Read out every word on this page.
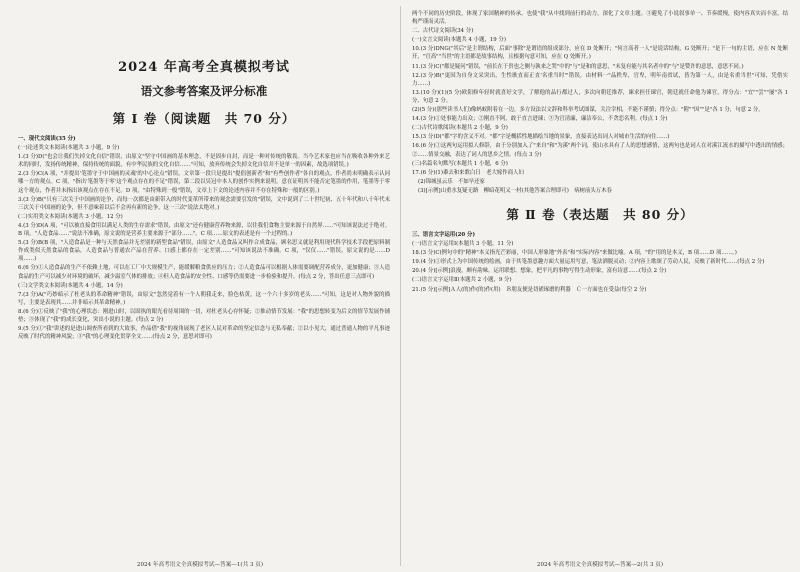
2024 年高考全真模拟考试
语文参考答案及评分标准
第 Ⅰ 卷（阅读题　共 70 分）

一、现代文阅读(35 分)

(一)论述类文本阅读(本题共 3 小题，9 分)

1.(3 分)D("也会让我们失掉文化自信"错误，由原文"坚守中国画的基本理念，不是固步自封，而是一种对传统的敬畏。当今艺术家也应当在吸收各种外来艺术的同时，发扬传统精神，保持传统的面貌，有中华民族的文化自信……"可知，放弃传统会失掉文化自信并不是单一的因素，故选项错误。)

2.(3 分)C(A 项，"并提出'笔墨守于中国画的灵魂'的中心论点"错误，文章第一段只是提出"提倡创新者"和"有些创作者"各自的观点，作者尚未明确表示认同哪一方的观点。C 项，"指出'笔墨等于零'这个观点存在的不足"错误，第二段以吴冠中本人的创作实例来说明，意在证明其不能否定笔墨的作用，笔墨等于零这个观点，作者并未指出该观点在存在不足。D 项，"由特殊到一般"错误，文章上下文的论述内容并不存在特殊和一般的区别。)

3.(3 分)B("只有三次关于中国画的论争，而每一次都是由新带入的时代变革所带来的观念需要引发的"错误，文中说到了二十世纪初、五十年代和八十年代末三次关于中国画的论争，但不意味着以后不会再有新的论争，这一三次"说法太绝对。)

(二)实用类文本阅读(本题共 3 小题，12 分)

4.(3 分)D(A 项，"可以被直接食用以满足人类的生存需求"错误，由原文"还有健康营养物来源，以往我们食物主要来源于自然界……"可知该说法过于绝对。B 项，"人造食品……"说法不准确，原文说的是营养主要来源于"部分……"。C 项……原文的表述是有一个过程的。)

5.(3 分)B(B 项，"人造食品是一种与天然食品并无差别的新型食品"错误，由原文"人造食品又叫作合成食品，顾名思义就是利用现代科学技术手段把原料制作成类似天然食品的食品，人造食品与普通农产品在营养、口感上都存在一定差别……"可知该说法不准确。C 项，"仅仅……"错误，原文说的是……D 项……)

6.(6 分)①人造食品的生产不依赖土地，可以在工厂中大规模生产，能缓解粮食供应的压力；②人造食品可以根据人体需要调配营养成分，更加健康；③人造食品的生产可以减少对环境的破坏，减少温室气体的排放；④但人造食品的安全性、口感等仍需要进一步检验和提升。(每点 2 分，答出任意三点即可)

(三)文学类文本阅读(本题共 4 小题，14 分)

7.(3 分)A("巧妙暗示了杜老头的革命精神"错误，由原文"忽然觉着有一个人朝我走来，脸色枯黄，这一个六十多岁的老头……"可知，这是对人物外貌的描写，主要是表现其……并非暗示其革命精神。)

8.(6 分)①反映了"我"的心理状态：刚进山时，以固执的眼光看待周围的一切，对杜老头心存怀疑；②推动情节发展："我"的思想转变为后文的情节发展作铺垫；③体现了"我"的成长变化，突出小说的主题。(每点 2 分)

9.(5 分)①"我"讲述的是进山调查所看到的大故事，作品借"我"的视角展现了老区人民对革命的坚定信念与无私奉献；②以小见大，通过普通人物的平凡事迹反映了时代的精神风貌；③"我"的心理变化贯穿全文……(每点 2 分，意思对即可)

2024 年高考语文全真模拟考试—答案—1(共 3 页)

两个不同的历史阶段，体现了家国精神的传承，也使"我"从中找到前行的动力，深化了文章主题。③避免了小说叙事单一、节奏缓慢，使内容真实而丰富，结构严谨而灵活。

二、古代诗文阅读(34 分)

(一)文言文阅读(本题共 4 小题，19 分)

10.(3 分)DNG("其后"是主谓结构，后面"事除"是谓语的组成部分，应在 D 处断开；"何言高者一人"是说话结构，G 处断开；"是下一句的主语，应在 N 处断开，"官高""当世"的主语都是故事结构，且根据句意可知，应在 Q 处断开。)

11.(3 分)C("都是疑问"错误，"前长在于贵也之侧与孰来之哭"中的"与"是和的意思，"未复有能与其名者中的"与"是赞许的意思，意思不同。)

12.(3 分)B("更因为自身文采突出，生性耿直而正直'名重当时'"错误，由材料一"品秩卑，官卑，明年南省试，皆为第一人，由是名重当世"可知，凭借实力……)

13.(10 分)(1)(5 分)欧阳修年轻时就喜好文学，了解他的品行都过人，多次向朝廷推荐，谏求担任谏官，朝廷就任命他为谏官，得分点："宜""尝""屡"各 1 分，句意 2 分。

(2)(5 分)(那些读书人们)像蚂蚁附着在一边，多方设法以文辞和科举考试图谋，关注宰相，不能不谨慎；得分点："附""因""是"各 1 分，句意 2 分。

14.(3 分)①处事能力出众；②刚直不阿，敢于直言进谏；③为官清廉，廉洁奉公，不贪恋名利。(每点 1 分)

(二)古代诗歌阅读(本题共 2 小题，9 分)

15.(3 分)D("都"字的含义不对。"都"字是概括性地描绘当地的景象，直接表达出词人对城市生活的向往……)

16.(6 分)①这两句运用拟人修辞，由于分别加入了"来自"和"为溪"两个词，使山水具有了人的思想感情，这两句也是词人在对溪江流水的描写中透出的情感；②……情景交融，表达了词人的思乡之情。(每点 3 分)

(三)名篇名句默写(本题共 1 小题，6 分)

17.(6 分)(1)黍去和来歌白日　老大嫁作商人妇

(2)锦城虽云乐　不如早还家

(3)[示例]山重水复疑无路　柳暗花明又一村(其他答案合理即可)　病树前头万木春

第 Ⅱ 卷（表达题　共 80 分）

三、语言文字运用(20 分)

(一)语言文字运用Ⅰ(本题共 3 小题，11 分)

18.(3 分)C(例句中的"精神"本义指光芒彩丽，中国人形象地"外表"和"实际内容"来做比喻。A 项，"的"用的是本义，B 项……D 项……。)

19.(4 分)①形式上为中国传统的绘画，由于其笔墨意趣方面大量运用写意，笔法洒脱灵动；②内容上歌颂了劳动人民，反映了新时代……(每点 2 分)

20.(4 分)[示例]浪漫，颇有韵味。运用联想、想象，把平凡的事物写得生动形象，富有诗意……(每点 2 分)

(二)语言文字运用Ⅱ(本题共 2 小题，9 分)

21.(5 分)[示例]Ａ人(的)作(的)作(用)　Ｂ朋友便是切磋琢磨的利器　Ｃ一方面也在受益(每空 2 分)

2024 年高考语文全真模拟考试—答案—2(共 3 页)
